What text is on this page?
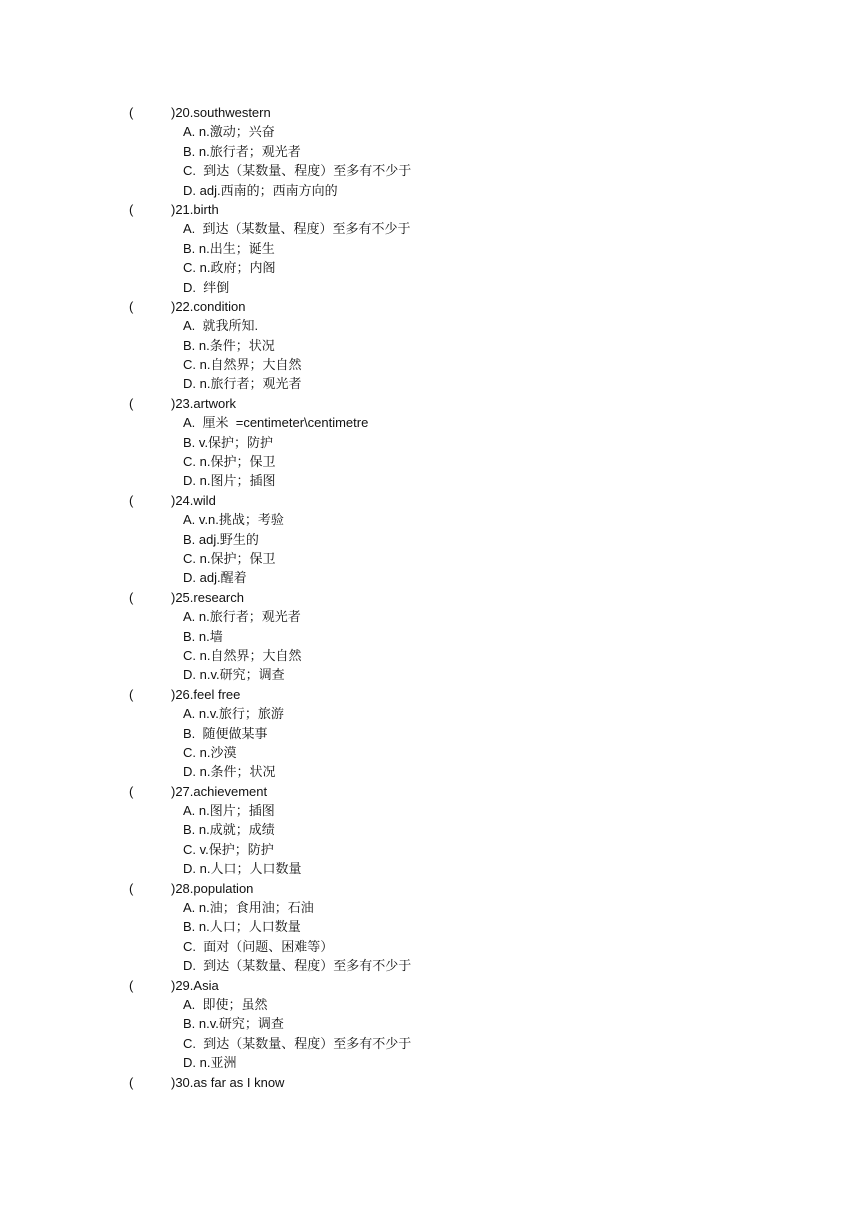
(	)20.southwestern
A. n.激动；兴奋
B. n.旅行者；观光者
C.  到达（某数量、程度）至多有不少于
D. adj.西南的；西南方向的
(	)21.birth
A.  到达（某数量、程度）至多有不少于
B. n.出生；诞生
C. n.政府；内阁
D.  绊倒
(	)22.condition
A.  就我所知.
B. n.条件；状况
C. n.自然界；大自然
D. n.旅行者；观光者
(	)23.artwork
A.  厘米  =centimeter\centimetre
B. v.保护；防护
C. n.保护；保卫
D. n.图片；插图
(	)24.wild
A. v.n.挑战；考验
B. adj.野生的
C. n.保护；保卫
D. adj.醒着
(	)25.research
A. n.旅行者；观光者
B. n.墙
C. n.自然界；大自然
D. n.v.研究；调查
(	)26.feel free
A. n.v.旅行；旅游
B.  随便做某事
C. n.沙漠
D. n.条件；状况
(	)27.achievement
A. n.图片；插图
B. n.成就；成绩
C. v.保护；防护
D. n.人口；人口数量
(	)28.population
A. n.油；食用油；石油
B. n.人口；人口数量
C.  面对（问题、困难等）
D.  到达（某数量、程度）至多有不少于
(	)29.Asia
A.  即使；虽然
B. n.v.研究；调查
C.  到达（某数量、程度）至多有不少于
D. n.亚洲
(	)30.as far as I know
